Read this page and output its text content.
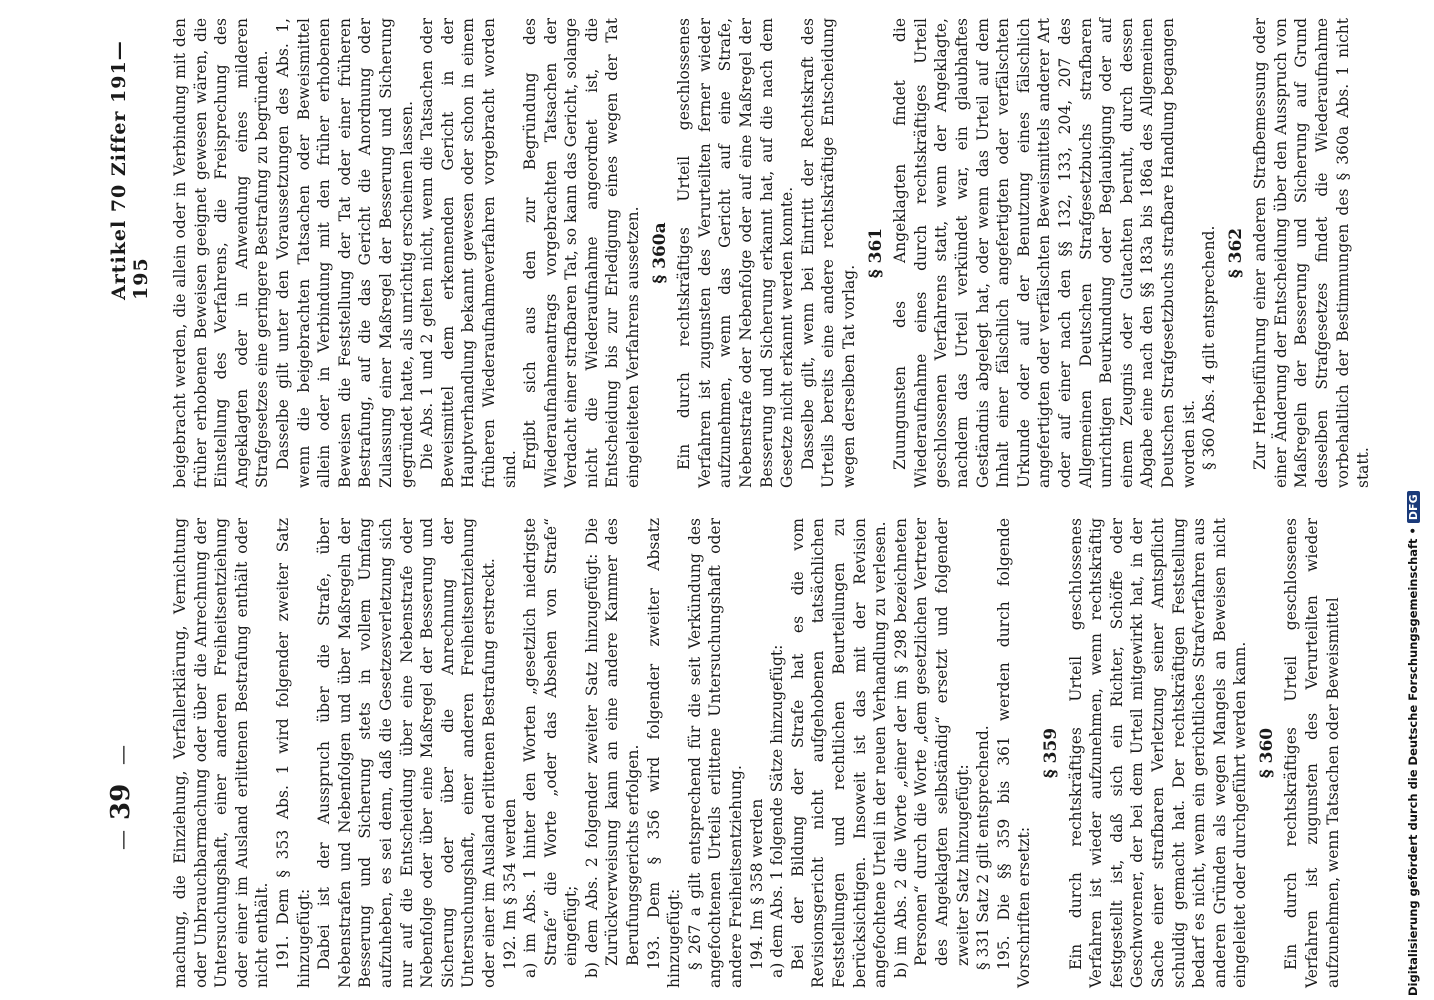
—
39
—
Artikel 70 Ziffer 191—195

machung, die Einziehung, Verfallerklärung, Vernichtung oder Unbrauchbarmachung oder über die Anrechnung der Untersuchungshaft, einer anderen Freiheitsentziehung oder einer im Ausland erlittenen Bestrafung enthält oder nicht enthält. 191. Dem § 353 Abs. 1 wird folgender zweiter Satz hinzugefügt: Dabei ist der Ausspruch über die Strafe, über Nebenstrafen und Nebenfolgen und über Maßregeln der Besserung und Sicherung stets in vollem Umfang aufzuheben, es sei denn, daß die Gesetzesverletzung sich nur auf die Entscheidung über eine Nebenstrafe oder Nebenfolge oder über eine Maßregel der Besserung und Sicherung oder über die Anrechnung der Untersuchungshaft, einer anderen Freiheitsentziehung oder einer im Ausland erlittenen Bestrafung erstreckt. 192. Im § 354 werden a) im Abs. 1 hinter den Worten „gesetzlich niedrigste Strafe“ die Worte „oder das Absehen von Strafe“ eingefügt; b) dem Abs. 2 folgender zweiter Satz hinzugefügt: Die Zurückverweisung kann an eine andere Kammer des Berufungsgerichts erfolgen. 193. Dem § 356 wird folgender zweiter Absatz hinzugefügt: § 267 a gilt entsprechend für die seit Verkündung des angefochtenen Urteils erlittene Untersuchungshaft oder andere Freiheitsentziehung. 194. Im § 358 werden a) dem Abs. 1 folgende Sätze hinzugefügt: Bei der Bildung der Strafe hat es die vom Revisionsgericht nicht aufgehobenen tatsächlichen Feststellungen und rechtlichen Beurteilungen zu berücksichtigen. Insoweit ist das mit der Revision angefochtene Urteil in der neuen Verhandlung zu verlesen. b) im Abs. 2 die Worte „einer der im § 298 bezeichneten Personen“ durch die Worte „dem gesetzlichen Vertreter des Angeklagten selbständig“ ersetzt und folgender zweiter Satz hinzugefügt: § 331 Satz 2 gilt entsprechend. 195. Die §§ 359 bis 361 werden durch folgende Vorschriften ersetzt:

§ 359 Ein durch rechtskräftiges Urteil geschlossenes Verfahren ist wieder aufzunehmen, wenn rechtskräftig festgestellt ist, daß sich ein Richter, Schöffe oder Geschworener, der bei dem Urteil mitgewirkt hat, in der Sache einer strafbaren Verletzung seiner Amtspflicht schuldig gemacht hat. Der rechtskräftigen Feststellung bedarf es nicht, wenn ein gerichtliches Strafverfahren aus anderen Gründen als wegen Mangels an Beweisen nicht eingeleitet oder durchgeführt werden kann. § 360 Ein durch rechtskräftiges Urteil geschlossenes Verfahren ist zugunsten des Verurteilten wieder aufzunehmen, wenn Tatsachen oder Beweismittel

beigebracht werden, die allein oder in Verbindung mit den früher erhobenen Beweisen geeignet gewesen wären, die Einstellung des Verfahrens, die Freisprechung des Angeklagten oder in Anwendung eines milderen Strafgesetzes eine geringere Bestrafung zu begründen. Dasselbe gilt unter den Voraussetzungen des Abs. 1, wenn die beigebrachten Tatsachen oder Beweismittel allein oder in Verbindung mit den früher erhobenen Beweisen die Feststellung der Tat oder einer früheren Bestrafung, auf die das Gericht die Anordnung oder Zulassung einer Maßregel der Besserung und Sicherung gegründet hatte, als unrichtig erscheinen lassen. Die Abs. 1 und 2 gelten nicht, wenn die Tatsachen oder Beweismittel dem erkennenden Gericht in der Hauptverhandlung bekannt gewesen oder schon in einem früheren Wiederaufnahmeverfahren vorgebracht worden sind. Ergibt sich aus den zur Begründung des Wiederaufnahmeantrags vorgebrachten Tatsachen der Verdacht einer strafbaren Tat, so kann das Gericht, solange nicht die Wiederaufnahme angeordnet ist, die Entscheidung bis zur Erledigung eines wegen der Tat eingeleiteten Verfahrens aussetzen. § 360a Ein durch rechtskräftiges Urteil geschlossenes Verfahren ist zugunsten des Verurteilten ferner wieder aufzunehmen, wenn das Gericht auf eine Strafe, Nebenstrafe oder Nebenfolge oder auf eine Maßregel der Besserung und Sicherung erkannt hat, auf die nach dem Gesetze nicht erkannt werden konnte. Dasselbe gilt, wenn bei Eintritt der Rechtskraft des Urteils bereits eine andere rechtskräftige Entscheidung wegen derselben Tat vorlag.

§ 361 Zuungunsten des Angeklagten findet die Wiederaufnahme eines durch rechtskräftiges Urteil geschlossenen Verfahrens statt, wenn der Angeklagte, nachdem das Urteil verkündet war, ein glaubhaftes Geständnis abgelegt hat, oder wenn das Urteil auf dem Inhalt einer fälschlich angefertigten oder verfälschten Urkunde oder auf der Benutzung eines fälschlich angefertigten oder verfälschten Beweismittels anderer Art oder auf einer nach den §§ 132, 133, 204, 207 des Allgemeinen Deutschen Strafgesetzbuchs strafbaren unrichtigen Beurkundung oder Beglaubigung oder auf einem Zeugnis oder Gutachten beruht, durch dessen Abgabe eine nach den §§ 183a bis 186a des Allgemeinen Deutschen Strafgesetzbuchs strafbare Handlung begangen worden ist. § 360 Abs. 4 gilt entsprechend. § 362 Zur Herbeiführung einer anderen Strafbemessung oder einer Änderung der Entscheidung über den Ausspruch von Maßregeln der Besserung und Sicherung auf Grund desselben Strafgesetzes findet die Wiederaufnahme vorbehaltlich der Bestimmungen des § 360a Abs. 1 nicht statt.

Digitalisierung gefördert durch die Deutsche Forschungsgemeinschaft • DFG
